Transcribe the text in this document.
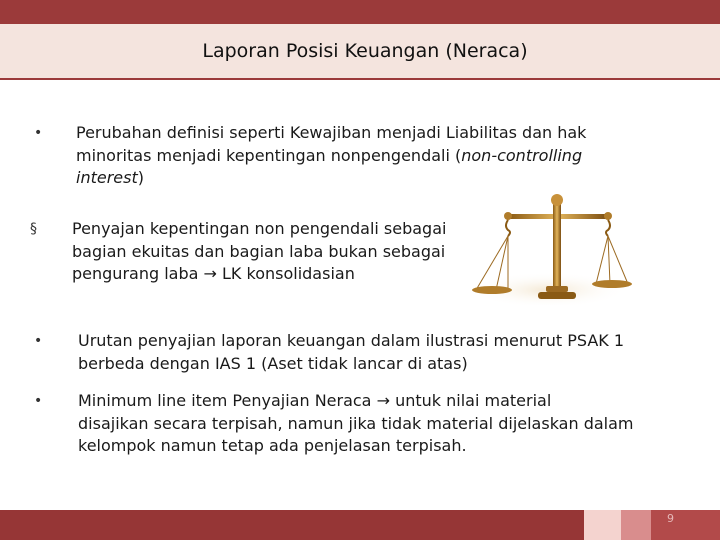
Laporan Posisi Keuangan (Neraca)
• Perubahan definisi seperti Kewajiban menjadi Liabilitas dan hak
minoritas menjadi kepentingan nonpengendali (non-controlling
interest)
§ Penyajan kepentingan non pengendali sebagai
bagian ekuitas dan bagian laba bukan sebagai
pengurang laba → LK konsolidasian
• Urutan penyajian laporan keuangan dalam ilustrasi menurut PSAK 1
berbeda dengan IAS 1 (Aset tidak lancar di atas)
• Minimum line item Penyajian Neraca → untuk nilai material
disajikan secara terpisah, namun jika tidak material dijelaskan dalam
kelompok namun tetap ada penjelasan terpisah.
9
